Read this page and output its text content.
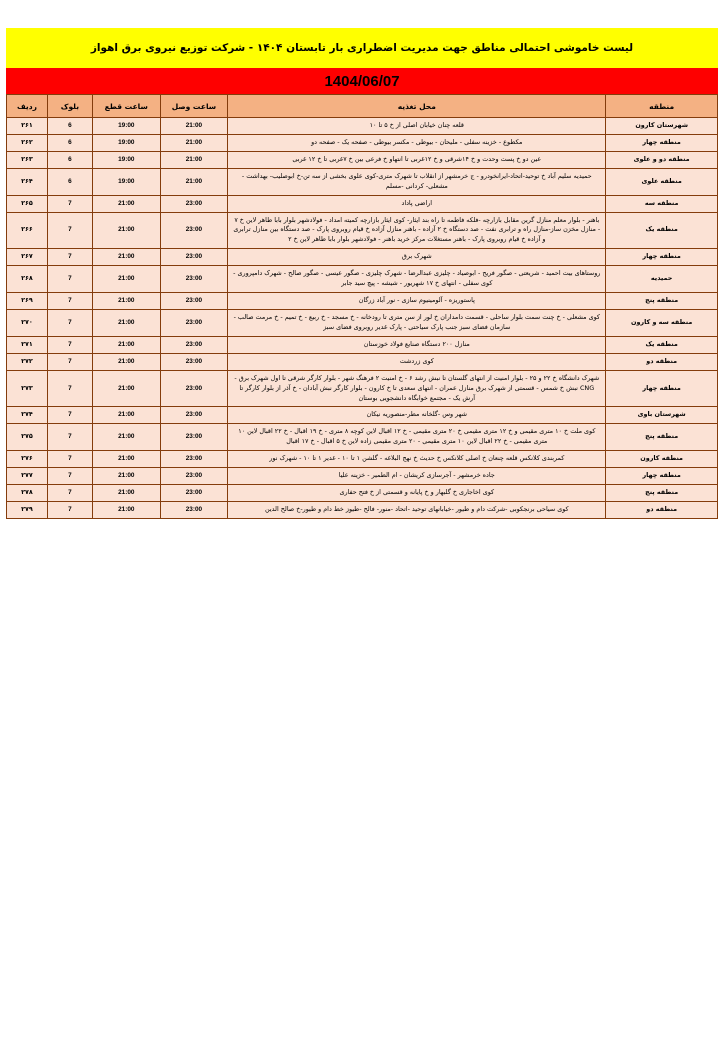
لیست خاموشی احتمالی مناطق جهت مدیریت اضطراری بار تابستان ۱۴۰۴ - شرکت توزیع نیروی برق اهواز
1404/06/07
منطقه	محل تغذیه	ساعت وصل	ساعت قطع	بلوک	ردیف
شهرستان کارون	قلعه چنان خیابان اصلی از خ ۵ تا ۱۰	21:00	19:00	6	۲۶۱
منطقه چهار	مکطوع - خزینه سفلی - ملیحان - بیوطی - مکسر بیوطی - صفحه یک - صفحه دو	21:00	19:00	6	۲۶۲
منطقه دو و علوی	عین دو خ پست وحدت و خ ۱۴شرقی و خ ۱۲غربی تا انتهاو خ فرعی بین خ ۷غربی تا خ ۱۲ غربی	21:00	19:00	6	۲۶۳
منطقه علوی	حمیدیه سلیم آباد خ توحید-اتحاد-ایرانخودرو - ج خرمشهر از انقلاب تا شهرک متری-کوی علوی بخشی از سه تن-خ ابوصلیب- بهداشت - مشعلی- کردانی -مسلم	21:00	19:00	6	۲۶۴
منطقه سه	اراضی پاداد	23:00	21:00	7	۲۶۵
منطقه یک	باهنر - بلوار معلم منازل گرین مقابل بازارچه -فلکه فاطمه تا راه بند ایثار- کوی ایثار بازارچه کمیته امداد - فولادشهر بلوار بابا طاهر لاین خ ۷ - منازل مخزن ساز-منازل راه و ترابری نفت - صد دستگاه خ ۲ آزاده - باهنر منازل آزاده خ قیام روبروی پارک - صد دستگاه بین منازل ترابری و آزاده خ قیام روبروی پارک - باهنر مستغلات مرکز خرید باهنر - فولادشهر بلوار بابا طاهر لاین خ ۲	23:00	21:00	7	۲۶۶
منطقه چهار	شهرک برق	23:00	21:00	7	۲۶۷
حمیدیه	روستاهای بیت احمید - شریعتی - صگور فریح - ابوصیاد - چلیزی عبدالرضا - شهرک چلیزی - صگور عیسی - صگور صالح - شهرک دامپروری - کوی سفلی - انتهای خ ۱۷ شهریور - شیشه - پیچ سید جابر	23:00	21:00	7	۲۶۸
منطقه پنج	پاستوریزه - آلومینیوم سازی - نور آباد زرگان	23:00	21:00	7	۲۶۹
منطقه سه و کارون	کوی مشعلی - خ چنت سمت بلوار ساحلی - قسمت دامداران خ لور از سن متری تا رودخانه - خ مسجد - خ ربیع - خ تمیم - خ مرمت صالب - سازمان فضای سبز جنب پارک سیاحتی - پارک غدیر روبروی فضای سبز	23:00	21:00	7	۲۷۰
منطقه یک	منازل ۲۰۰ دستگاه صنایع فولاد خوزستان	23:00	21:00	7	۲۷۱
منطقه دو	کوی زردشت	23:00	21:00	7	۲۷۲
منطقه چهار	شهرک دانشگاه خ ۲۲ و ۲۵ - بلوار امنیت از انتهای گلستان تا نبش رشد ۶ - خ امنیت ۲ فرهنگ شهر - بلوار کارگر شرقی تا اول شهرک برق - CNG نبش خ شمس - قسمتی از شهرک برق منازل عمران - انتهای سعدی تا خ کارون - بلوار کارگر نبش آبادان - خ آذر از بلوار کارگر تا آرش یک - مجتمع خوابگاه دانشجویی بوستان	23:00	21:00	7	۲۷۳
شهرستان باوی	شهر وس -گلخانه مطر-منصوریه نیکان	23:00	21:00	7	۲۷۴
منطقه پنج	کوی ملت خ ۱۰ متری مقیمی و خ ۱۲ متری مقیمی خ ۲۰ متری مقیمی - خ ۱۲ اقبال لاین کوچه ۸ متری - خ ۱۹ اقبال - خ ۲۲ اقبال لاین ۱۰ متری مقیمی - خ ۲۲ اقبال لاین ۱۰ متری مقیمی - ۲۰ متری مقیمی زاده لاین خ ۵ اقبال - خ ۱۷ اقبال	23:00	21:00	7	۲۷۵
منطقه کارون	کمربندی کلانکس قلعه چنعان خ اصلی کلانکس خ حدیث خ نهج البلاغه - گلشن ۱ تا ۱۰ - غدیر ۱ تا ۱۰ - شهرک نور	23:00	21:00	7	۲۷۶
منطقه چهار	جاده خرمشهر - آجرسازی کریشان - ام الطمیر - خزینه علیا	23:00	21:00	7	۲۷۷
منطقه پنج	کوی اخاجاری خ گلبهار و خ پایانه و قسمتی از خ فتح حفاری	23:00	21:00	7	۲۷۸
منطقه دو	کوی سیاحی برنجکوبی -شرکت دام و طیور -خیابانهای توحید -اتحاد -منور- فالح -طیوز خط دام و طیور-خ صالح الدین	23:00	21:00	7	۲۷۹
